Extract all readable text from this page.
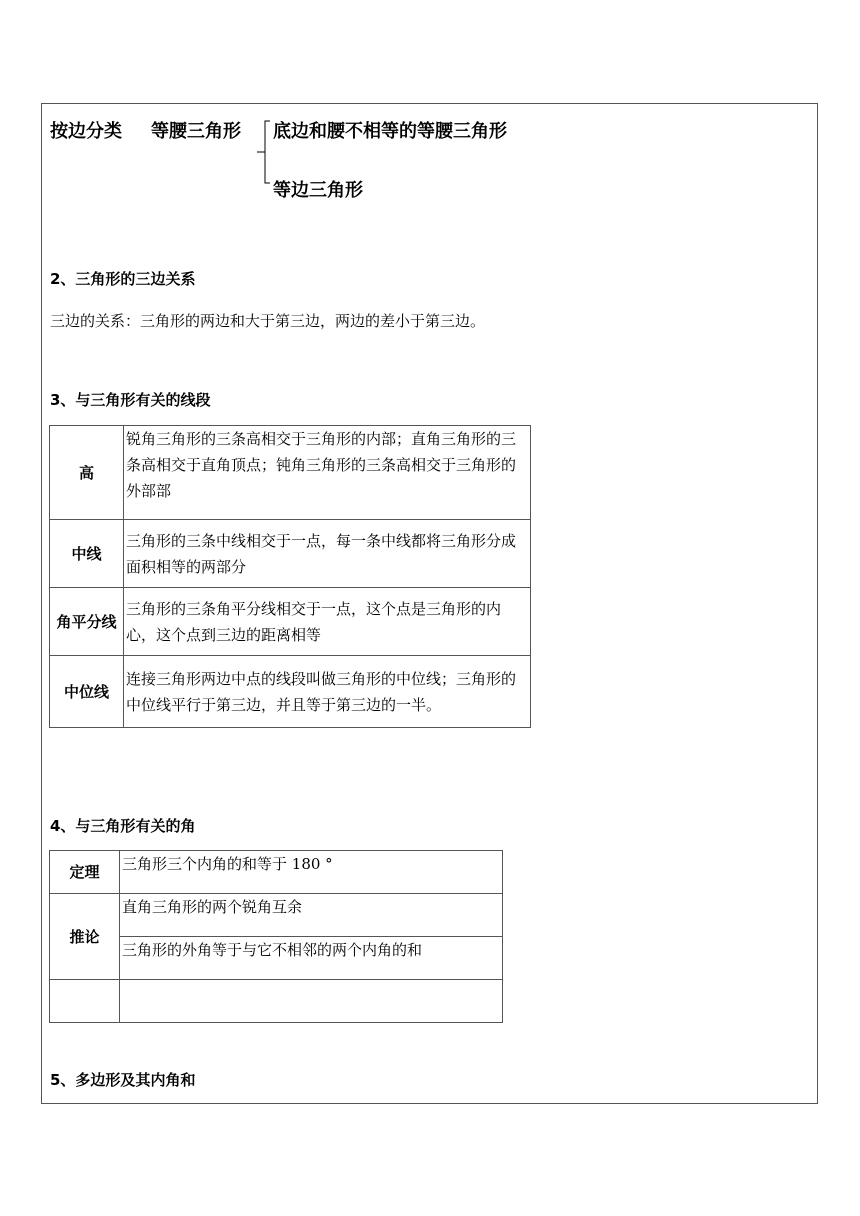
按边分类 等腰三角形 底边和腰不相等的等腰三角形
等边三角形
2、三角形的三边关系
三边的关系：三角形的两边和大于第三边，两边的差小于第三边。
3、与三角形有关的线段
高	锐角三角形的三条高相交于三角形的内部；直角三角形的三条高相交于直角顶点；钝角三角形的三条高相交于三角形的外部部
中线	三角形的三条中线相交于一点，每一条中线都将三角形分成面积相等的两部分
角平分线	三角形的三条角平分线相交于一点，这个点是三角形的内心，这个点到三边的距离相等
中位线	连接三角形两边中点的线段叫做三角形的中位线；三角形的中位线平行于第三边，并且等于第三边的一半。
4、与三角形有关的角
定理	三角形三个内角的和等于 180 °
推论	直角三角形的两个锐角互余
	三角形的外角等于与它不相邻的两个内角的和

5、多边形及其内角和
